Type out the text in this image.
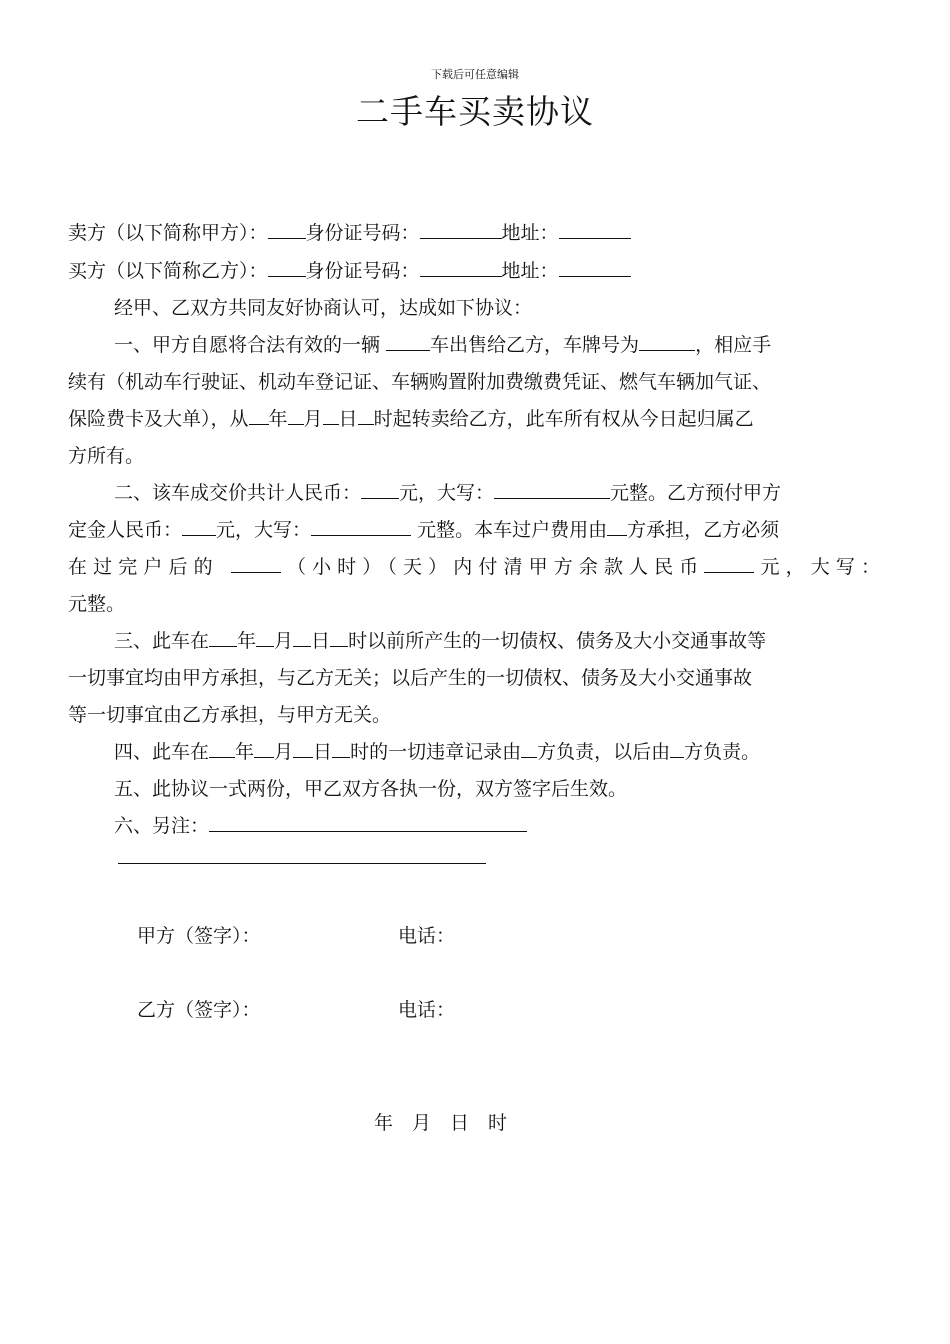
下载后可任意编辑
二手车买卖协议
卖方（以下简称甲方）： 身份证号码：	地址：
买方（以下简称乙方）： 身份证号码：	地址：
经甲、乙双方共同友好协商认可，达成如下协议：
一、甲方自愿将合法有效的一辆 车出售给乙方，车牌号为	，相应手
续有（机动车行驶证、机动车登记证、车辆购置附加费缴费凭证、燃气车辆加气证、
保险费卡及大单），从 年 月 日 时起转卖给乙方，此车所有权从今日起归属乙
方所有。
二、该车成交价共计人民币： 元，大写：	元整。乙方预付甲方
定金人民币： 元，大写：	元整。本车过户费用由 方承担，乙方必须
在过完户后的	（小时）（天）内付清甲方余款人民币	元，大写：
元整。
三、此车在 年 月 日 时以前所产生的一切债权、债务及大小交通事故等
一切事宜均由甲方承担，与乙方无关；以后产生的一切债权、债务及大小交通事故
等一切事宜由乙方承担，与甲方无关。
四、此车在 年 月 日 时的一切违章记录由 方负责，以后由 方负责。
五、此协议一式两份，甲乙双方各执一份，双方签字后生效。
六、另注：
甲方（签字）：	电话：
乙方（签字）：	电话：
年　月　日　时
